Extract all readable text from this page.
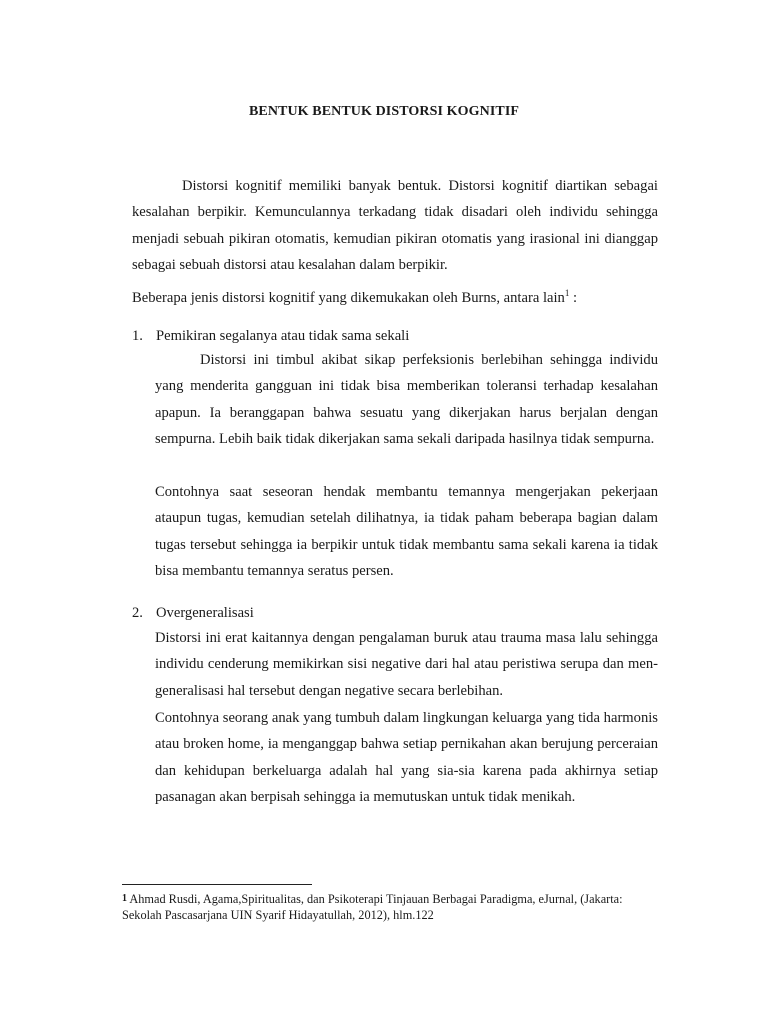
BENTUK BENTUK DISTORSI KOGNITIF

Distorsi kognitif memiliki banyak bentuk. Distorsi kognitif diartikan sebagai kesalahan berpikir. Kemunculannya terkadang tidak disadari oleh individu sehingga menjadi sebuah pikiran otomatis, kemudian pikiran otomatis yang irasional ini dianggap sebagai sebuah distorsi atau kesalahan dalam berpikir.

Beberapa jenis distorsi kognitif yang dikemukakan oleh Burns, antara lain$^1$ :

1. Pemikiran segalanya atau tidak sama sekali

Distorsi ini timbul akibat sikap perfeksionis berlebihan sehingga individu yang menderita gangguan ini tidak bisa memberikan toleransi terhadap kesalahan apapun. Ia beranggapan bahwa sesuatu yang dikerjakan harus berjalan dengan sempurna. Lebih baik tidak dikerjakan sama sekali daripada hasilnya tidak sempurna.

Contohnya saat seseoran hendak membantu temannya mengerjakan pekerjaan ataupun tugas, kemudian setelah dilihatnya, ia tidak paham beberapa bagian dalam tugas tersebut sehingga ia berpikir untuk tidak membantu sama sekali karena ia tidak bisa membantu temannya seratus persen.

2. Overgeneralisasi

Distorsi ini erat kaitannya dengan pengalaman buruk atau trauma masa lalu sehingga individu cenderung memikirkan sisi negative dari hal atau peristiwa serupa dan men-generalisasi hal tersebut dengan negative secara berlebihan.

Contohnya seorang anak yang tumbuh dalam lingkungan keluarga yang tida harmonis atau broken home, ia menganggap bahwa setiap pernikahan akan berujung perceraian dan kehidupan berkeluarga adalah hal yang sia-sia karena pada akhirnya setiap pasanagan akan berpisah sehingga ia memutuskan untuk tidak menikah.

1 Ahmad Rusdi, Agama,Spiritualitas, dan Psikoterapi Tinjauan Berbagai Paradigma, eJurnal, (Jakarta: Sekolah Pascasarjana UIN Syarif Hidayatullah, 2012), hlm.122
